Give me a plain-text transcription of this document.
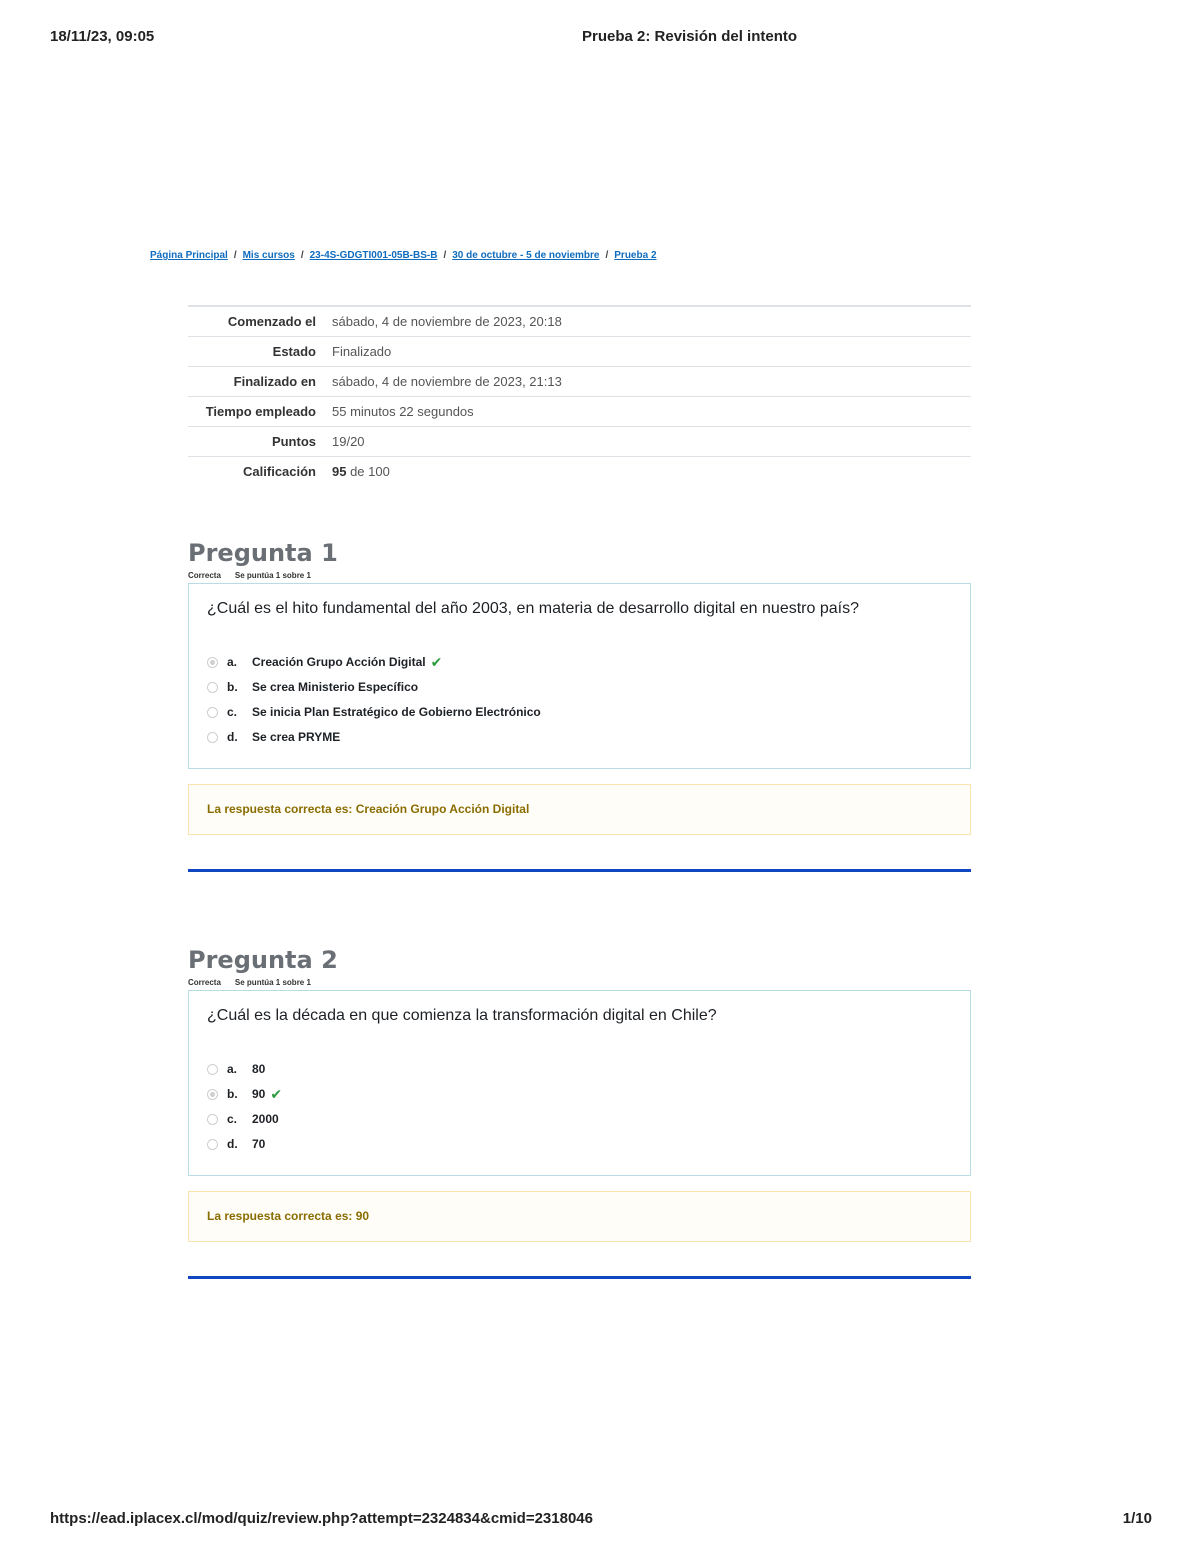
18/11/23, 09:05	Prueba 2: Revisión del intento
Página Principal / Mis cursos / 23-4S-GDGTI001-05B-BS-B / 30 de octubre - 5 de noviembre / Prueba 2
Comenzado el	sábado, 4 de noviembre de 2023, 20:18
Estado	Finalizado
Finalizado en	sábado, 4 de noviembre de 2023, 21:13
Tiempo empleado	55 minutos 22 segundos
Puntos	19/20
Calificación	95 de 100
Pregunta 1
Correcta Se puntúa 1 sobre 1

¿Cuál es el hito fundamental del año 2003, en materia de desarrollo digital en nuestro país?

a.	Creación Grupo Acción Digital ✔
b.	Se crea Ministerio Específico
c.	Se inicia Plan Estratégico de Gobierno Electrónico
d.	Se crea PRYME
La respuesta correcta es: Creación Grupo Acción Digital
Pregunta 2
Correcta Se puntúa 1 sobre 1

¿Cuál es la década en que comienza la transformación digital en Chile?

a.	80
b.	90 ✔
c.	2000
d.	70
La respuesta correcta es: 90
https://ead.iplacex.cl/mod/quiz/review.php?attempt=2324834&cmid=2318046	1/10
